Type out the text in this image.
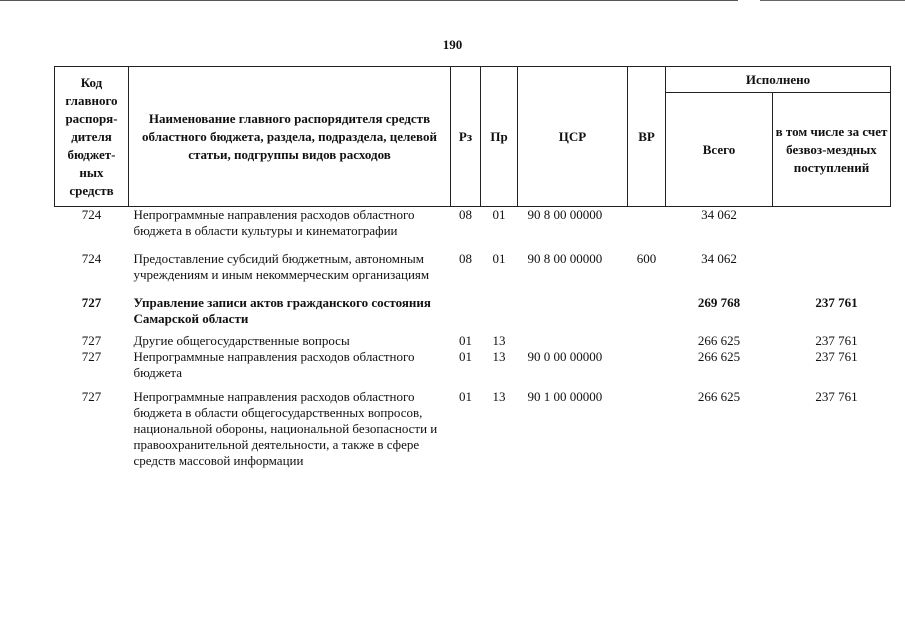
190
Код главного распоря-дителя бюджет-ных средств	Наименование главного распорядителя средств областного бюджета, раздела, подраздела, целевой статьи, подгруппы видов расходов	Рз	Пр	ЦСР	ВР	Исполнено	
						Всего	в том числе за счет безвоз-мездных поступлений
724	Непрограммные направления расходов областного бюджета в области культуры и кинематографии	08	01	90 8 00 00000		34 062	
724	Предоставление субсидий бюджетным, автономным учреждениям и иным некоммерческим организациям	08	01	90 8 00 00000	600	34 062	
727	Управление записи актов гражданского состояния Самарской области					269 768	237 761
727	Другие общегосударственные вопросы	01	13			266 625	237 761
727	Непрограммные направления расходов областного бюджета	01	13	90 0 00 00000		266 625	237 761
727	Непрограммные направления расходов областного бюджета в области общегосударственных вопросов, национальной обороны, национальной безопасности и правоохранительной деятельности, а также в сфере средств массовой информации	01	13	90 1 00 00000		266 625	237 761
